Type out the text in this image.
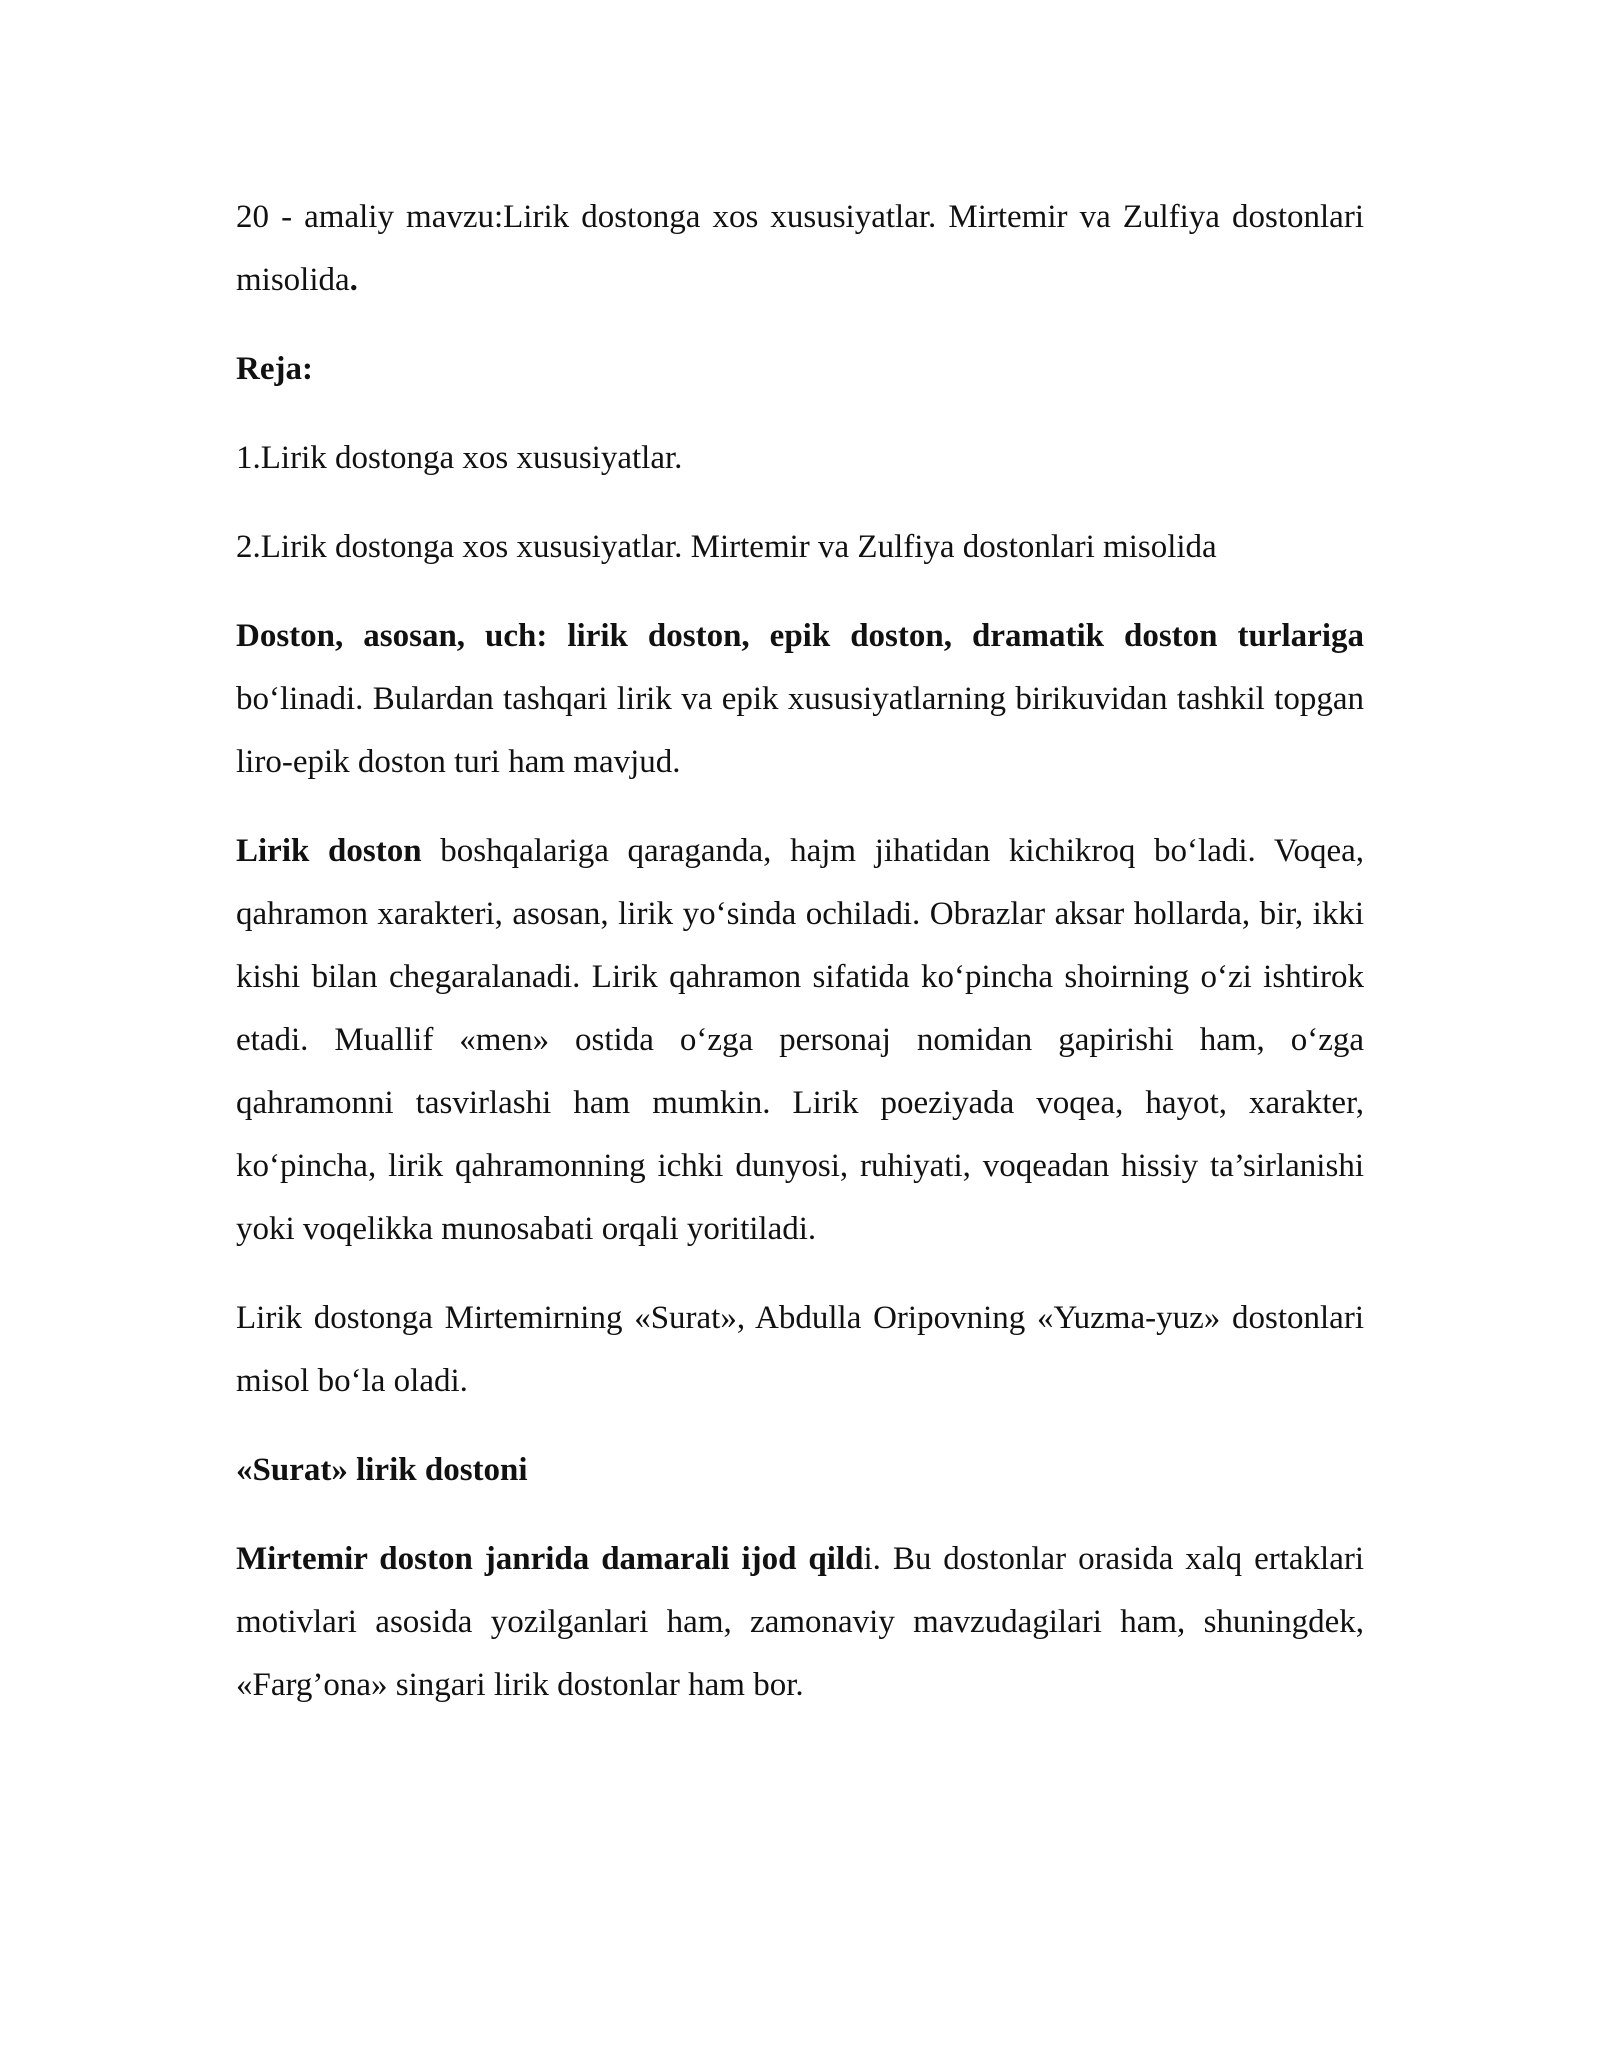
20 - amaliy mavzu:Lirik dostonga xos xususiyatlar. Mirtemir va Zulfiya dostonlari misolida.

Reja:

1.Lirik dostonga xos xususiyatlar.

2.Lirik dostonga xos xususiyatlar. Mirtemir va Zulfiya dostonlari misolida

Doston, asosan, uch: lirik doston, epik doston, dramatik doston turlariga bo‘linadi. Bulardan tashqari lirik va epik xususiyatlarning birikuvidan tashkil topgan liro-epik doston turi ham mavjud.

Lirik doston boshqalariga qaraganda, hajm jihatidan kichikroq bo‘ladi. Voqea, qahramon xarakteri, asosan, lirik yo‘sinda ochiladi. Obrazlar aksar hollarda, bir, ikki kishi bilan chegaralanadi. Lirik qahramon sifatida ko‘pincha shoirning o‘zi ishtirok etadi. Muallif «men» ostida o‘zga personaj nomidan gapirishi ham, o‘zga qahramonni tasvirlashi ham mumkin. Lirik poeziyada voqea, hayot, xarakter, ko‘pincha, lirik qahramonning ichki dunyosi, ruhiyati, voqeadan hissiy ta’sirlanishi yoki voqelikka munosabati orqali yoritiladi.

Lirik dostonga Mirtemirning «Surat», Abdulla Oripovning «Yuzma-yuz» dostonlari misol bo‘la oladi.

«Surat» lirik dostoni

Mirtemir doston janrida damarali ijod qildi. Bu dostonlar orasida xalq ertaklari motivlari asosida yozilganlari ham, zamonaviy mavzudagilari ham, shuningdek, «Farg’ona» singari lirik dostonlar ham bor.
